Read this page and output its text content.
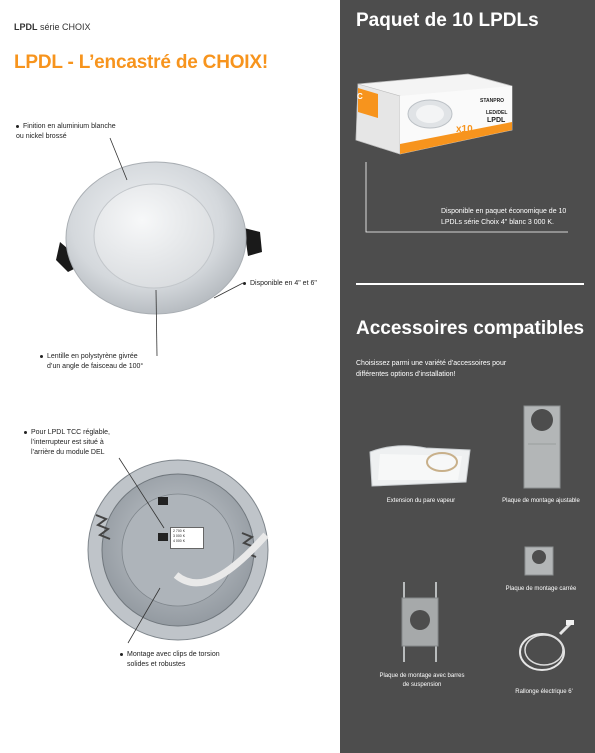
LPDL série CHOIX
LPDL - L’encastré de CHOIX!
Finition en aluminium blanche
ou nickel brossé
Disponible en 4" et 6"
Lentille en polystyrène givrée
d’un angle de faisceau de 100°
2 700 K
3 000 K
4 000 K
Pour LPDL TCC réglable,
l’interrupteur est situé à
l’arrière du module DEL
Montage avec clips de torsion
solides et robustes
Paquet de 10 LPDLs
C	STANPRO
LED/DEL
LPDL
x10
Disponible en paquet économique de 10
LPDLs série Choix 4" blanc 3 000 K.
Accessoires compatibles
Choisissez parmi une variété d’accessoires pour
différentes options d’installation!
Extension du pare vapeur	Plaque de montage ajustable
Plaque de montage carrée
Plaque de montage avec barres
de suspension
Rallonge électrique 6'
